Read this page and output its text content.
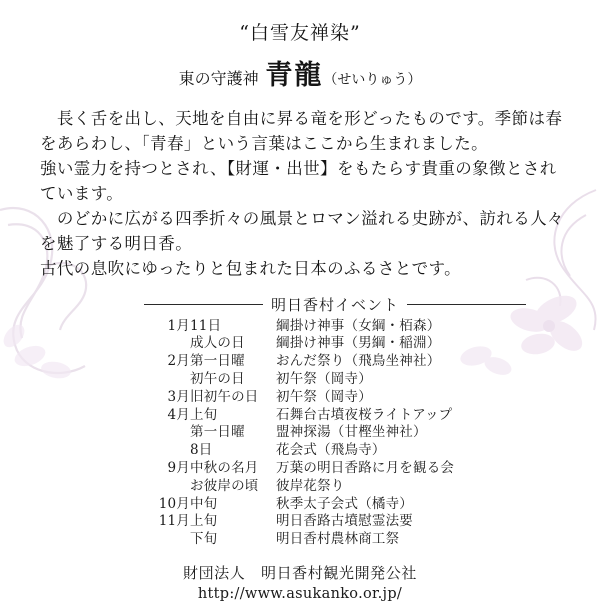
“白雪友禅染”
東の守護神 青龍（せいりゅう）

　長く舌を出し、天地を自由に昇る竜を形どったものです。季節は春をあらわし、「青春」という言葉はここから生まれました。

強い霊力を持つとされ、【財運・出世】をもたらす貴重の象徴とされています。

　のどかに広がる四季折々の風景とロマン溢れる史跡が、訪れる人々を魅了する明日香。

古代の息吹にゆったりと包まれた日本のふるさとです。

明日香村イベント
1月	11日	綱掛け神事（女綱・栢森）
	成人の日	綱掛け神事（男綱・稲淵）
2月	第一日曜	おんだ祭り（飛鳥坐神社）
	初午の日	初午祭（岡寺）
3月	旧初午の日	初午祭（岡寺）
4月	上旬	石舞台古墳夜桜ライトアップ
	第一日曜	盟神探湯（甘樫坐神社）
	8日	花会式（飛鳥寺）
9月	中秋の名月	万葉の明日香路に月を観る会
	お彼岸の頃	彼岸花祭り
10月	中旬	秋季太子会式（橘寺）
11月	上旬	明日香路古墳慰霊法要
	下旬	明日香村農林商工祭
財団法人　明日香村観光開発公社
http://www.asukanko.or.jp/
